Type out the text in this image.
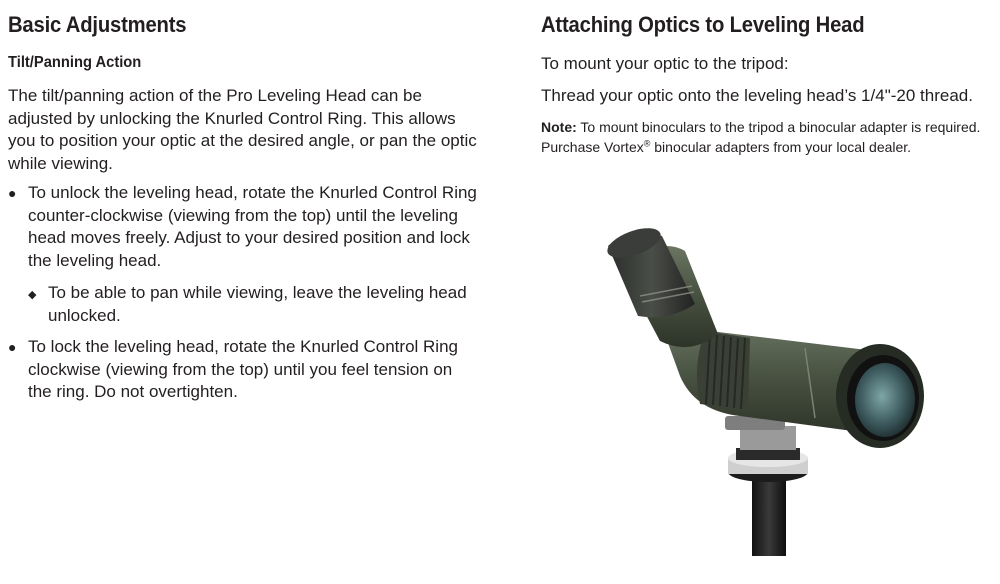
Basic Adjustments
Tilt/Panning Action

The tilt/panning action of the Pro Leveling Head can be adjusted by unlocking the Knurled Control Ring. This allows you to position your optic at the desired angle, or pan the optic while viewing.

● To unlock the leveling head, rotate the Knurled Control Ring counter-clockwise (viewing from the top) until the leveling head moves freely. Adjust to your desired position and lock the leveling head.
◆ To be able to pan while viewing, leave the leveling head unlocked.
● To lock the leveling head, rotate the Knurled Control Ring clockwise (viewing from the top) until you feel tension on the ring. Do not overtighten.
Attaching Optics to Leveling Head

To mount your optic to the tripod:

Thread your optic onto the leveling head’s 1/4"-20 thread.

Note: To mount binoculars to the tripod a binocular adapter is required. Purchase Vortex® binocular adapters from your local dealer.
